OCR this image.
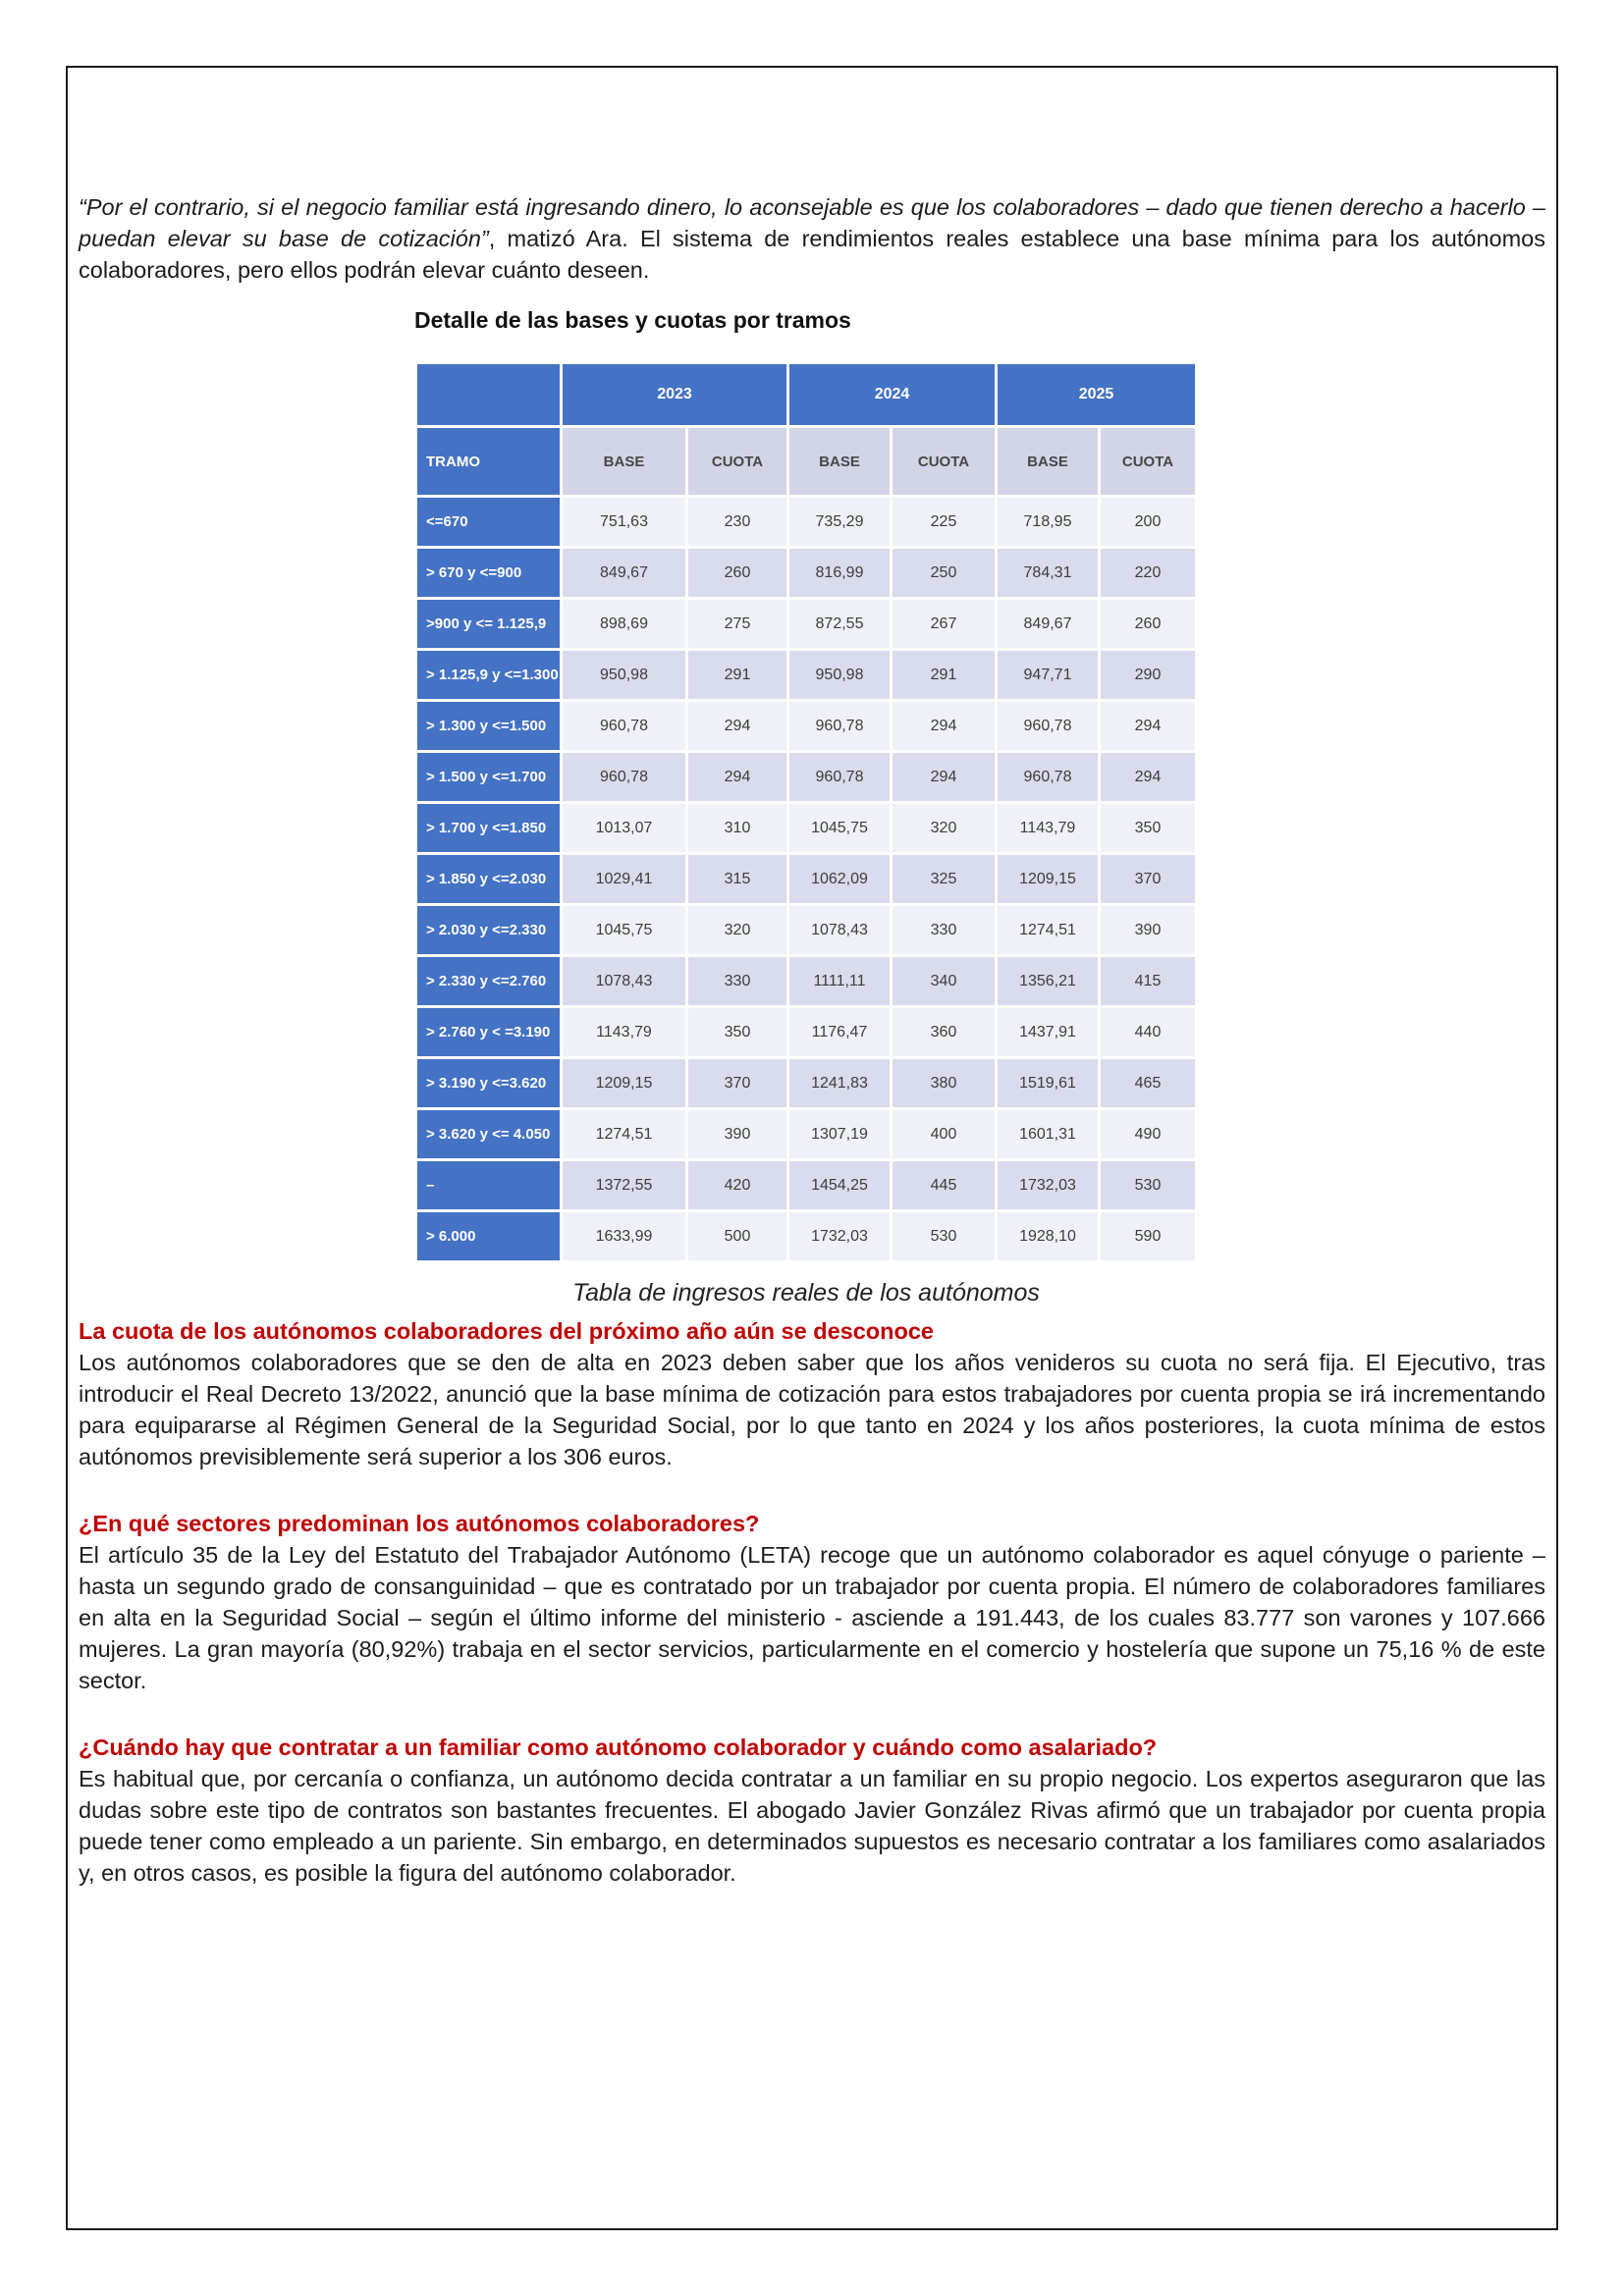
“Por el contrario, si el negocio familiar está ingresando dinero, lo aconsejable es que los colaboradores – dado que tienen derecho a hacerlo – puedan elevar su base de cotización”, matizó Ara. El sistema de rendimientos reales establece una base mínima para los autónomos colaboradores, pero ellos podrán elevar cuánto deseen.

Detalle de las bases y cuotas por tramos
	2023		2024		2025	
TRAMO	BASE	CUOTA	BASE	CUOTA	BASE	CUOTA
<=670	751,63	230	735,29	225	718,95	200
> 670 y <=900	849,67	260	816,99	250	784,31	220
>900 y <= 1.125,9	898,69	275	872,55	267	849,67	260
> 1.125,9 y <=1.300	950,98	291	950,98	291	947,71	290
> 1.300 y <=1.500	960,78	294	960,78	294	960,78	294
> 1.500 y <=1.700	960,78	294	960,78	294	960,78	294
> 1.700 y <=1.850	1013,07	310	1045,75	320	1143,79	350
> 1.850 y <=2.030	1029,41	315	1062,09	325	1209,15	370
> 2.030 y <=2.330	1045,75	320	1078,43	330	1274,51	390
> 2.330 y <=2.760	1078,43	330	1111,11	340	1356,21	415
> 2.760 y < =3.190	1143,79	350	1176,47	360	1437,91	440
> 3.190 y <=3.620	1209,15	370	1241,83	380	1519,61	465
> 3.620 y <= 4.050	1274,51	390	1307,19	400	1601,31	490
–	1372,55	420	1454,25	445	1732,03	530
> 6.000	1633,99	500	1732,03	530	1928,10	590
Tabla de ingresos reales de los autónomos
La cuota de los autónomos colaboradores del próximo año aún se desconoce

Los autónomos colaboradores que se den de alta en 2023 deben saber que los años venideros su cuota no será fija. El Ejecutivo, tras introducir el Real Decreto 13/2022, anunció que la base mínima de cotización para estos trabajadores por cuenta propia se irá incrementando para equipararse al Régimen General de la Seguridad Social, por lo que tanto en 2024 y los años posteriores, la cuota mínima de estos autónomos previsiblemente será superior a los 306 euros.

¿En qué sectores predominan los autónomos colaboradores?

El artículo 35 de la Ley del Estatuto del Trabajador Autónomo (LETA) recoge que un autónomo colaborador es aquel cónyuge o pariente – hasta un segundo grado de consanguinidad – que es contratado por un trabajador por cuenta propia. El número de colaboradores familiares en alta en la Seguridad Social – según el último informe del ministerio - asciende a 191.443, de los cuales 83.777 son varones y 107.666 mujeres. La gran mayoría (80,92%) trabaja en el sector servicios, particularmente en el comercio y hostelería que supone un 75,16 % de este sector.

¿Cuándo hay que contratar a un familiar como autónomo colaborador y cuándo como asalariado?

Es habitual que, por cercanía o confianza, un autónomo decida contratar a un familiar en su propio negocio. Los expertos aseguraron que las dudas sobre este tipo de contratos son bastantes frecuentes. El abogado Javier González Rivas afirmó que un trabajador por cuenta propia puede tener como empleado a un pariente. Sin embargo, en determinados supuestos es necesario contratar a los familiares como asalariados y, en otros casos, es posible la figura del autónomo colaborador.
